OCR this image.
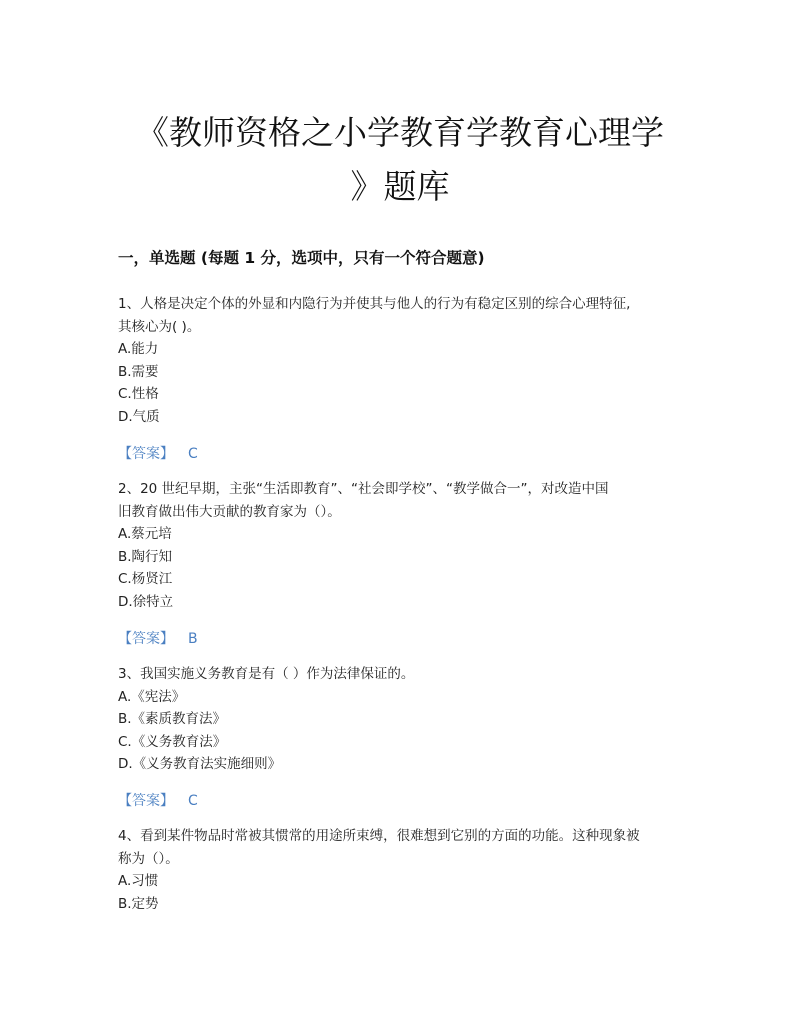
《教师资格之小学教育学教育心理学
》题库
一，单选题 (每题 1 分，选项中，只有一个符合题意)

1、人格是决定个体的外显和内隐行为并使其与他人的行为有稳定区别的综合心理特征,

其核心为( )。

A.能力

B.需要

C.性格

D.气质

【答案】 C

2、20 世纪早期，主张“生活即教育”、“社会即学校”、“教学做合一”，对改造中国

旧教育做出伟大贡献的教育家为（）。

A.蔡元培

B.陶行知

C.杨贤江

D.徐特立

【答案】 B

3、我国实施义务教育是有（ ）作为法律保证的。

A.《宪法》

B.《素质教育法》

C.《义务教育法》

D.《义务教育法实施细则》

【答案】 C

4、看到某件物品时常被其惯常的用途所束缚，很难想到它别的方面的功能。这种现象被

称为（）。

A.习惯

B.定势
